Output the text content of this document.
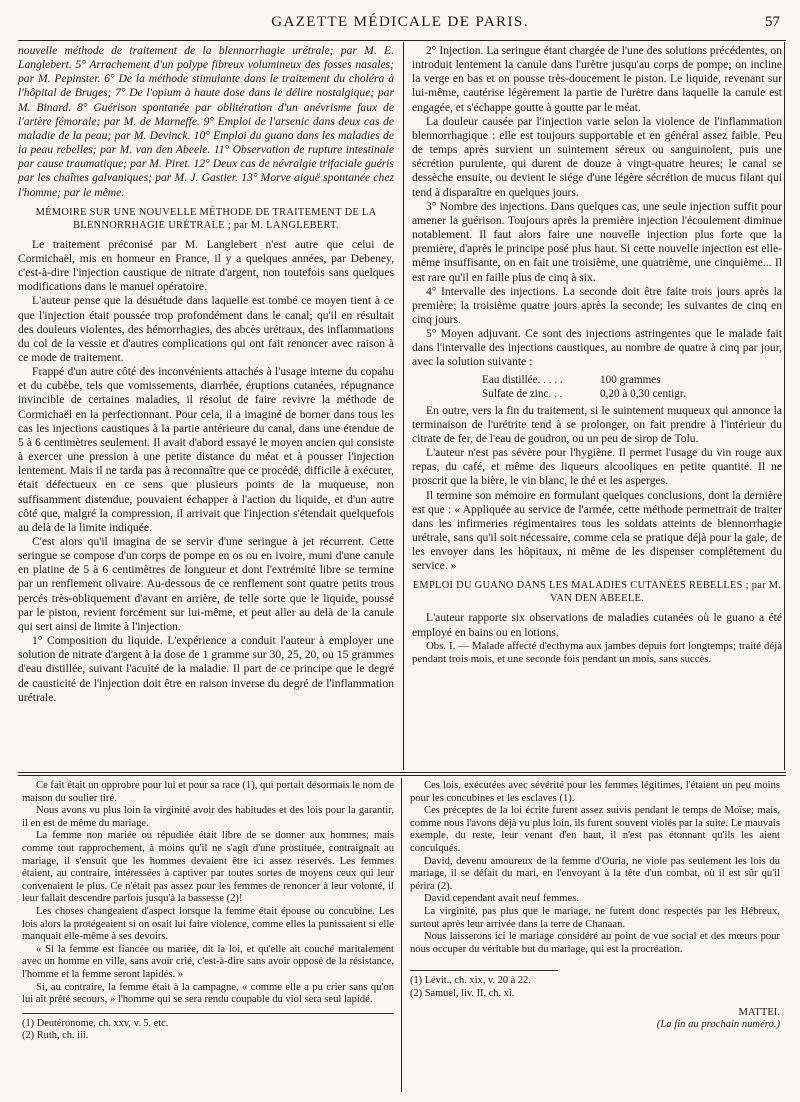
GAZETTE MÉDICALE DE PARIS.	57

nouvelle méthode de traitement de la blennorrhagie urétrale; par M. E. Langlebert. 5° Arrachement d'un polype fibreux volumineux des fosses nasales; par M. Pepinster. 6° De la méthode stimulante dans le traitement du choléra à l'hôpital de Bruges; 7° De l'opium à haute dose dans le délire nostalgique; par M. Binard. 8° Guérison spontanée par oblitération d'un anévrisme faux de l'artère fémorale; par M. de Marneffe. 9° Emploi de l'arsenic dans deux cas de maladie de la peau; par M. Devinck. 10° Emploi du guano dans les maladies de la peau rebelles; par M. van den Abeele. 11° Observation de rupture intestinale par cause traumatique; par M. Piret. 12° Deux cas de névralgie trifaciale guéris par les chaînes galvaniques; par M. J. Gastier. 13° Morve aiguë spontanée chez l'homme; par le même.

MÉMOIRE SUR UNE NOUVELLE MÉTHODE DE TRAITEMENT DE LA BLENNORRHAGIE URÉTRALE ; par M. LANGLEBERT.

Le traitement préconisé par M. Langlebert n'est autre que celui de Cormichaël, mis en honneur en France, il y a quelques années, par Debeney, c'est-à-dire l'injection caustique de nitrate d'argent, non toutefois sans quelques modifications dans le manuel opératoire.

L'auteur pense que la désuétude dans laquelle est tombé ce moyen tient à ce que l'injection était poussée trop profondément dans le canal; qu'il en résultait des douleurs violentes, des hémorrhagies, des abcès urétraux, des inflammations du col de la vessie et d'autres complications qui ont fait renoncer avec raison à ce mode de traitement.

Frappé d'un autre côté des inconvénients attachés à l'usage interne du copahu et du cubèbe, tels que vomissements, diarrhée, éruptions cutanées, répugnance invincible de certaines maladies, il résolut de faire revivre la méthode de Cormichaël en la perfectionnant. Pour cela, il a imaginé de borner dans tous les cas les injections caustiques à la partie antérieure du canal, dans une étendue de 5 à 6 centimètres seulement. Il avait d'abord essayé le moyen ancien qui consiste à exercer une pression à une petite distance du méat et à pousser l'injection lentement. Mais il ne tarda pas à reconnaître que ce procédé, difficile à exécuter, était défectueux en ce sens que plusieurs points de la muqueuse, non suffisamment distendue, pouvaient échapper à l'action du liquide, et d'un autre côté que, malgré la compression, il arrivait que l'injection s'étendait quelquefois au delà de la limite indiquée.

C'est alors qu'il imagina de se servir d'une seringue à jet récurrent. Cette seringue se compose d'un corps de pompe en os ou en ivoire, muni d'une canule en platine de 5 à 6 centimètres de longueur et dont l'extrémité libre se termine par un renflement olivaire. Au-dessous de ce renflement sont quatre petits trous percés très-obliquement d'avant en arrière, de telle sorte que le liquide, poussé par le piston, revient forcément sur lui-même, et peut aller au delà de la canule qui sert ainsi de limite à l'injection.

1° Composition du liquide. L'expérience a conduit l'auteur à employer une solution de nitrate d'argent à la dose de 1 gramme sur 30, 25, 20, ou 15 grammes d'eau distillée, suivant l'acuité de la maladie. Il part de ce principe que le degré de causticité de l'injection doit être en raison inverse du degré de l'inflammation urétrale.

2° Injection. La seringue étant chargée de l'une des solutions précédentes, on introduit lentement la canule dans l'urètre jusqu'au corps de pompe; on incline la verge en bas et on pousse très-doucement le piston. Le liquide, revenant sur lui-même, cautérise légèrement la partie de l'urètre dans laquelle la canule est engagée, et s'échappe goutte à goutte par le méat.

La douleur causée par l'injection varie selon la violence de l'inflammation blennorrhagique : elle est toujours supportable et en général assez faible. Peu de temps après survient un suintement séreux ou sanguinolent, puis une sécrétion purulente, qui durent de douze à vingt-quatre heures; le canal se dessèche ensuite, ou devient le siége d'une légère sécrétion de mucus filant qui tend à disparaître en quelques jours.

3° Nombre des injections. Dans quelques cas, une seule injection suffit pour amener la guérison. Toujours après la première injection l'écoulement diminue notablement. Il faut alors faire une nouvelle injection plus forte que la première, d'après le principe posé plus haut. Si cette nouvelle injection est elle-même insuffisante, on en fait une troisième, une quatrième, une cinquième... Il est rare qu'il en faille plus de cinq à six.

4° Intervalle des injections. La seconde doit être faite trois jours après la première; la troisième quatre jours après la seconde; les suivantes de cinq en cinq jours.

5° Moyen adjuvant. Ce sont des injections astringentes que le malade fait dans l'intervalle des injections caustiques, au nombre de quatre à cinq par jour, avec la solution suivante :

Eau distillée. . . . .	100 grammes
Sulfate de zinc. . .	0,20 à 0,30 centigr.

En outre, vers la fin du traitement, si le suintement muqueux qui annonce la terminaison de l'urétrite tend à se prolonger, on fait prendre à l'intérieur du citrate de fer, de l'eau de goudron, ou un peu de sirop de Tolu.

L'auteur n'est pas sévère pour l'hygiène. Il permet l'usage du vin rouge aux repas, du café, et même des liqueurs alcooliques en petite quantité. Il ne proscrit que la bière, le vin blanc, le thé et les asperges.

Il termine son mémoire en formulant quelques conclusions, dont la dernière est que : « Appliquée au service de l'armée, cette méthode permettrait de traiter dans les infirmeries régimentaires tous les soldats atteints de blennorrhagie urétrale, sans qu'il soit nécessaire, comme cela se pratique déjà pour la gale, de les envoyer dans les hôpitaux, ni même de les dispenser complétement du service. »

EMPLOI DU GUANO DANS LES MALADIES CUTANÉES REBELLES ; par M. VAN DEN ABEELE.

L'auteur rapporte six observations de maladies cutanées où le guano a été employé en bains ou en lotions.

Obs. I. — Malade affecté d'ecthyma aux jambes depuis fort longtemps; traité déjà pendant trois mois, et une seconde fois pendant un mois, sans succès.

Ce fait était un opprobre pour lui et pour sa race (1), qui portait désormais le nom de maison du soulier tiré.

Nous avons vu plus loin la virginité avoir des habitudes et des lois pour la garantir, il en est de même du mariage.

La femme non mariée ou répudiée était libre de se donner aux hommes; mais comme tout rapprochement, à moins qu'il ne s'agît d'une prostituée, contraignait au mariage, il s'ensuit que les hommes devaient être ici assez réservés. Les femmes étaient, au contraire, intéressées à captiver par toutes sortes de moyens ceux qui leur convenaient le plus. Ce n'était pas assez pour les femmes de renoncer à leur volonté, il leur fallait descendre parfois jusqu'à la bassesse (2)!

Les choses changeaient d'aspect lorsque la femme était épouse ou concubine. Les lois alors la protégeaient si on osait lui faire violence, comme elles la punissaient si elle manquait elle-même à ses devoirs.

« Si la femme est fiancée ou mariée, dit la loi, et qu'elle ait couché maritalement avec un homme en ville, sans avoir crié, c'est-à-dire sans avoir opposé de la résistance, l'homme et la femme seront lapidés. »

Si, au contraire, la femme était à la campagne, « comme elle a pu crier sans qu'on lui ait prêté secours, » l'homme qui se sera rendu coupable du viol sera seul lapidé.

(1) Deutéronome, ch. xxv, v. 5, etc.
(2) Ruth, ch. iii.

Ces lois, exécutées avec sévérité pour les femmes légitimes, l'étaient un peu moins pour les concubines et les esclaves (1).

Ces préceptes de la loi écrite furent assez suivis pendant le temps de Moïse; mais, comme nous l'avons déjà vu plus loin, ils furent souvent violés par la suite. Le mauvais exemple, du reste, leur venant d'en haut, il n'est pas étonnant qu'ils les aient conculqués.

David, devenu amoureux de la femme d'Ouria, ne viole pas seulement les lois du mariage, il se défait du mari, en l'envoyant à la tête d'un combat, où il est sûr qu'il périra (2).

David cependant avait neuf femmes.

La virginité, pas plus que le mariage, ne furent donc respectés par les Hébreux, surtout après leur arrivée dans la terre de Chanaan.

Nous laisserons ici le mariage considéré au point de vue social et des mœurs pour nous occuper du véritable but du mariage, qui est la procréation.

(1) Lévit., ch. xix, v. 20 à 22.
(2) Samuel, liv. II, ch. xi.
MATTEI.
(La fin au prochain numéro.)
